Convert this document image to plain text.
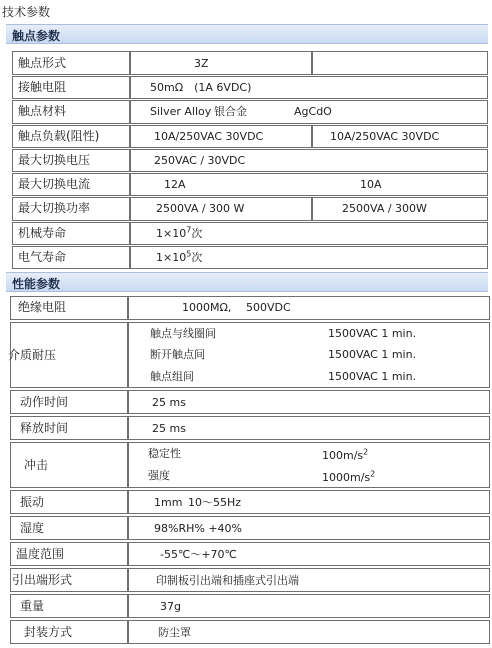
技术参数
触点参数
触点形式	3Z
接触电阻	50mΩ　(1A 6VDC)
触点材料	Silver Alloy 银合金	AgCdO
触点负载(阻性)	10A/250VAC 30VDC	10A/250VAC 30VDC
最大切换电压	250VAC / 30VDC
最大切换电流	12A	10A
最大切换功率	2500VA / 300 W	2500VA / 300W
机械寿命	$1\times 10^7$次
电气寿命	$1\times 10^5$次
性能参数
绝缘电阻	1000MΩ, 500VDC
介质耐压
触点与线圈间	1500VAC 1 min.
断开触点间	1500VAC 1 min.
触点组间	1500VAC 1 min.
动作时间	25 ms
释放时间	25 ms
冲击
稳定性	$100m/s^2$
强度	$1000m/s^2$
振动	1mm 10～55Hz
湿度	98%RH% +40%
温度范围	-55℃～+70℃
引出端形式	印制板引出端和插座式引出端
重量	37g
封装方式	防尘罩
